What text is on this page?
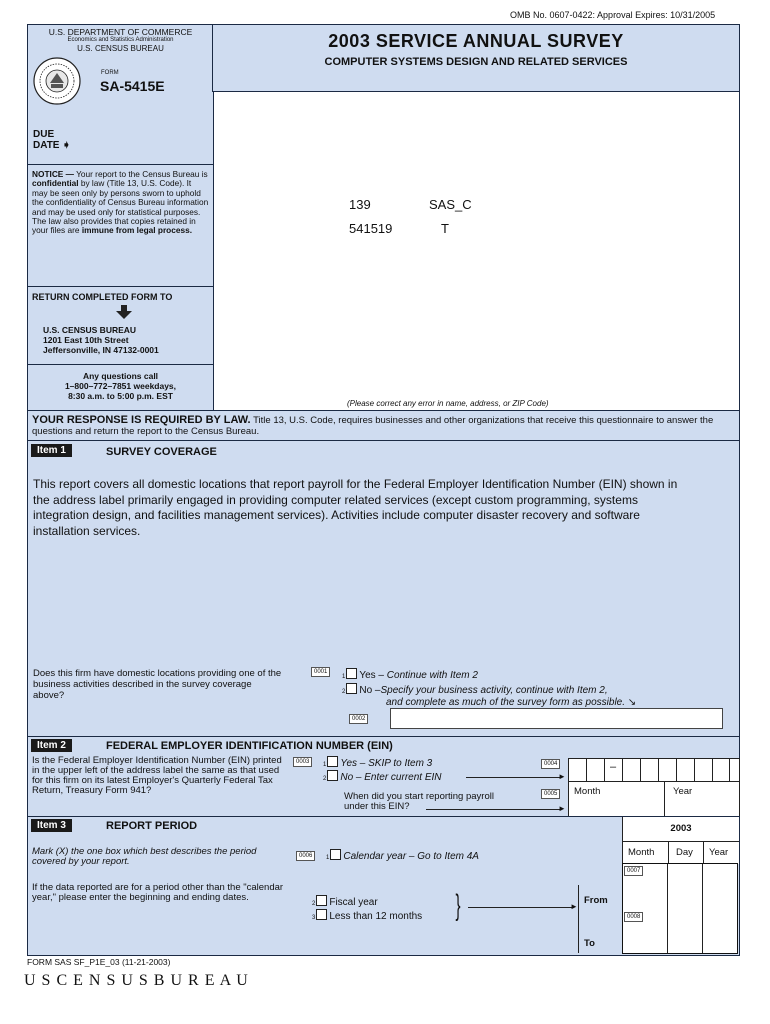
OMB No. 0607-0422: Approval Expires: 10/31/2005
U.S. DEPARTMENT OF COMMERCE
Economics and Statistics Administration
U.S. CENSUS BUREAU
FORM
SA-5415E
DUE
DATE ➧
2003 SERVICE ANNUAL SURVEY
COMPUTER SYSTEMS DESIGN AND RELATED SERVICES
NOTICE — Your report to the Census Bureau is confidential by law (Title 13, U.S. Code). It may be seen only by persons sworn to uphold the confidentiality of Census Bureau information and may be used only for statistical purposes. The law also provides that copies retained in your files are immune from legal process.
RETURN COMPLETED FORM TO
U.S. CENSUS BUREAU
1201 East 10th Street
Jeffersonville, IN 47132-0001
Any questions call
1–800–772–7851 weekdays,
8:30 a.m. to 5:00 p.m. EST
139	SAS_C
541519	T
(Please correct any error in name, address, or ZIP Code)
YOUR RESPONSE IS REQUIRED BY LAW. Title 13, U.S. Code, requires businesses and other organizations that receive this questionnaire to answer the questions and return the report to the Census Bureau.
Item 1	SURVEY COVERAGE
This report covers all domestic locations that report payroll for the Federal Employer Identification Number (EIN) shown in the address label primarily engaged in providing computer related services (except custom programming, systems integration design, and facilities management services). Activities include computer disaster recovery and software installation services.
Does this firm have domestic locations providing one of the business activities described in the survey coverage above?
0001
1 Yes – Continue with Item 2
2 No –Specify your business activity, continue with Item 2,
and complete as much of the survey form as possible. ↘
0002
Item 2	FEDERAL EMPLOYER IDENTIFICATION NUMBER (EIN)
Is the Federal Employer Identification Number (EIN) printed in the upper left of the address label the same as that used for this firm on its latest Employer's Quarterly Federal Tax Return, Treasury Form 941?
0003	1 Yes – SKIP to Item 3
2 No – Enter current EIN	►
0004	–
When did you start reporting payroll under this EIN?	►
0005	Month	Year
Item 3	REPORT PERIOD
Mark (X) the one box which best describes the period covered by your report.
0006	1 Calendar year – Go to Item 4A
If the data reported are for a period other than the "calendar year," please enter the beginning and ending dates.
2 Fiscal year
3 Less than 12 months }	►
2003
Month Day Year
From
To
0007
0008
FORM SAS SF_P1E_03 (11-21-2003)
U S C E N S U S B U R E A U
